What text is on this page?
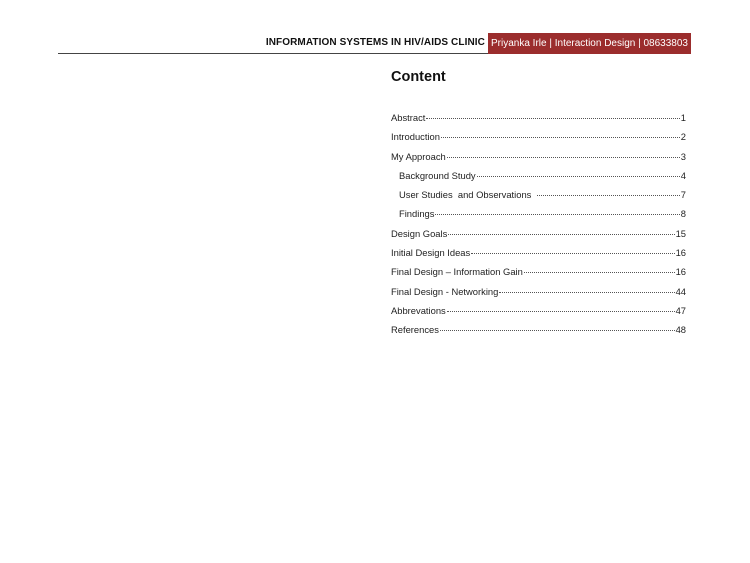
INFORMATION SYSTEMS IN HIV/AIDS CLINIC Priyanka Irle | Interaction Design | 08633803
Content
Abstract	1
Introduction	2
My Approach	3
Background Study	4
User Studies  and Observations	7
Findings	8
Design Goals	15
Initial Design Ideas	16
Final Design – Information Gain	16
Final Design - Networking	44
Abbrevations	47
References	48
